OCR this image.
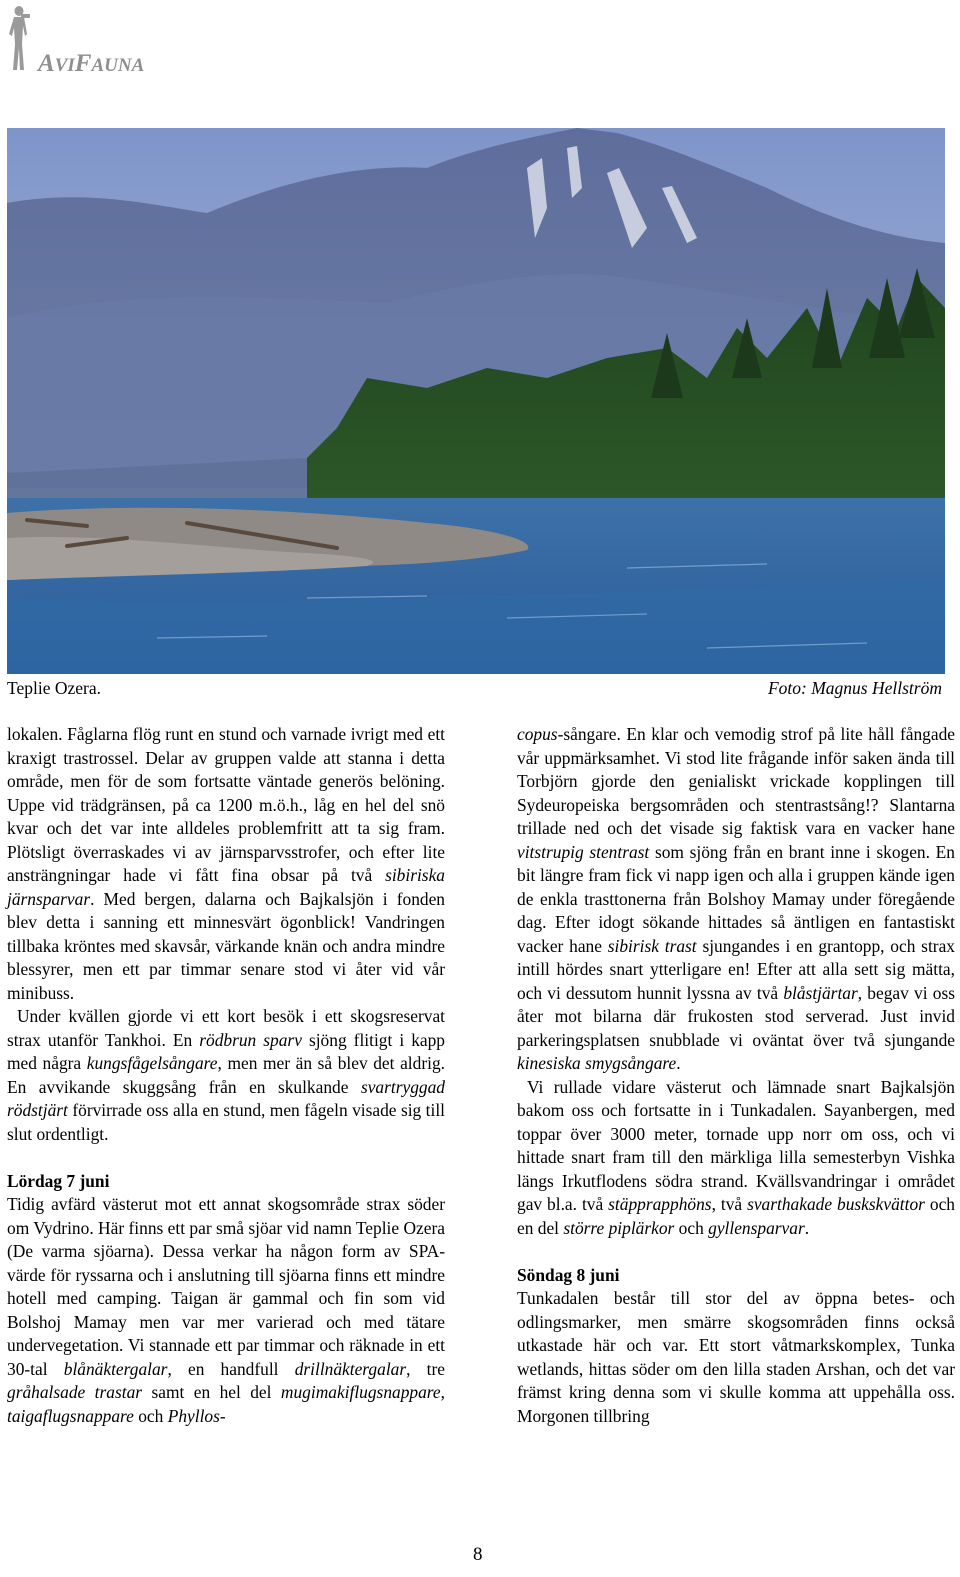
AVIFAUNA
Teplie Ozera.	Foto: Magnus Hellström

lokalen. Fåglarna flög runt en stund och varnade ivrigt med ett kraxigt trastrossel. Delar av gruppen valde att stanna i detta område, men för de som fortsatte väntade generös belöning. Uppe vid trädgränsen, på ca 1200 m.ö.h., låg en hel del snö kvar och det var inte alldeles problemfritt att ta sig fram. Plötsligt överraskades vi av järnsparvsstrofer, och efter lite ansträngningar hade vi fått fina obsar på två sibiriska järnsparvar. Med bergen, dalarna och Bajkalsjön i fonden blev detta i sanning ett minnesvärt ögonblick! Vandringen tillbaka kröntes med skavsår, värkande knän och andra mindre blessyrer, men ett par timmar senare stod vi åter vid vår minibuss.

Under kvällen gjorde vi ett kort besök i ett skogsreservat strax utanför Tankhoi. En rödbrun sparv sjöng flitigt i kapp med några kungsfågelsångare, men mer än så blev det aldrig. En avvikande skuggsång från en skulkande svartryggad rödstjärt förvirrade oss alla en stund, men fågeln visade sig till slut ordentligt.

Lördag 7 juni

Tidig avfärd västerut mot ett annat skogsområde strax söder om Vydrino. Här finns ett par små sjöar vid namn Teplie Ozera (De varma sjöarna). Dessa verkar ha någon form av SPA-värde för ryssarna och i anslutning till sjöarna finns ett mindre hotell med camping. Taigan är gammal och fin som vid Bolshoj Mamay men var mer varierad och med tätare undervegetation. Vi stannade ett par timmar och räknade in ett 30-tal blånäktergalar, en handfull drillnäktergalar, tre gråhalsade trastar samt en hel del mugimakiflugsnappare, taigaflugsnappare och Phyllos-

copus-sångare. En klar och vemodig strof på lite håll fångade vår uppmärksamhet. Vi stod lite frågande inför saken ända till Torbjörn gjorde den genialiskt vrickade kopplingen till Sydeuropeiska bergsområden och stentrastsång!? Slantarna trillade ned och det visade sig faktisk vara en vacker hane vitstrupig stentrast som sjöng från en brant inne i skogen. En bit längre fram fick vi napp igen och alla i gruppen kände igen de enkla trasttonerna från Bolshoy Mamay under föregående dag. Efter idogt sökande hittades så äntligen en fantastiskt vacker hane sibirisk trast sjungandes i en grantopp, och strax intill hördes snart ytterligare en! Efter att alla sett sig mätta, och vi dessutom hunnit lyssna av två blåstjärtar, begav vi oss åter mot bilarna där frukosten stod serverad. Just invid parkeringsplatsen snubblade vi oväntat över två sjungande kinesiska smygsångare.

Vi rullade vidare västerut och lämnade snart Bajkalsjön bakom oss och fortsatte in i Tunkadalen. Sayanbergen, med toppar över 3000 meter, tornade upp norr om oss, och vi hittade snart fram till den märkliga lilla semesterbyn Vishka längs Irkutflodens södra strand. Kvällsvandringar i området gav bl.a. två stäpprapphöns, två svarthakade buskskvättor och en del större piplärkor och gyllensparvar.

Söndag 8 juni

Tunkadalen består till stor del av öppna betes- och odlingsmarker, men smärre skogsområden finns också utkastade här och var. Ett stort våtmarkskomplex, Tunka wetlands, hittas söder om den lilla staden Arshan, och det var främst kring denna som vi skulle komma att uppehålla oss. Morgonen tillbring

8
